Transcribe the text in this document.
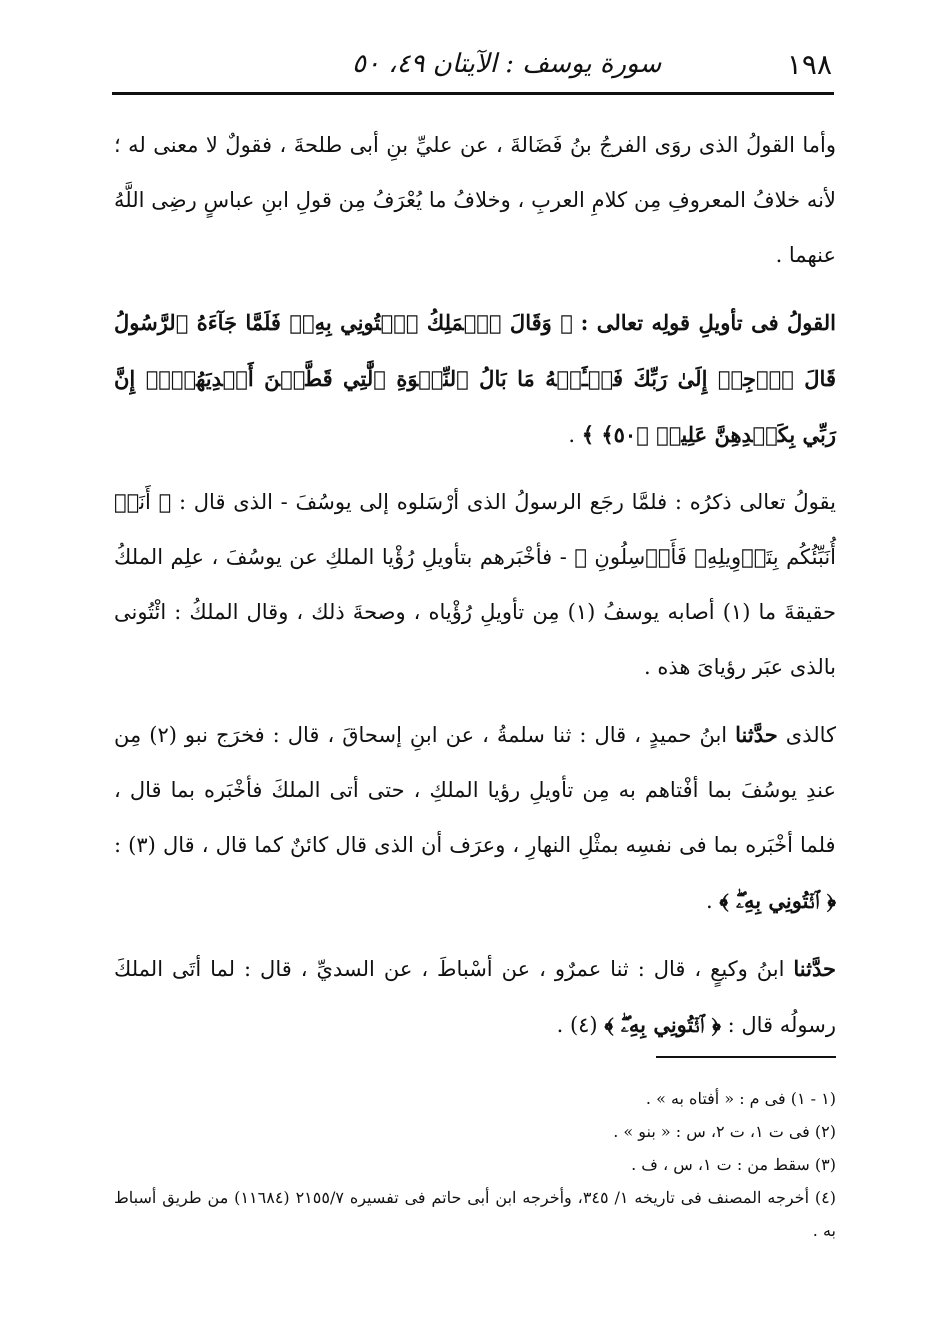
١٩٨
سورة يوسف : الآيتان ٤٩، ٥٠

وأما القولُ الذى روَى الفرجُ بنُ فَضَالةَ ، عن عليِّ بنِ أبى طلحةَ ، فقولٌ لا معنى له ؛ لأنه خلافُ المعروفِ مِن كلامِ العربِ ، وخلافُ ما يُعْرَفُ مِن قولِ ابنِ عباسٍ رضِى اللَّهُ عنهما .

القولُ فى تأويلِ قولِه تعالى : ﴿ وَقَالَ ٱلۡمَلِكُ ٱئۡتُونِي بِهِۦۖ فَلَمَّا جَآءَهُ ٱلرَّسُولُ قَالَ ٱرۡجِعۡ إِلَىٰ رَبِّكَ فَسۡـَٔلۡهُ مَا بَالُ ٱلنِّسۡوَةِ ٱلَّٰتِي قَطَّعۡنَ أَيۡدِيَهُنَّۚ إِنَّ رَبِّي بِكَيۡدِهِنَّ عَلِيمٞ ﴿٥٠﴾ ﴾ .

يقولُ تعالى ذكرُه : فلمَّا رجَع الرسولُ الذى أرْسَلوه إلى يوسُفَ - الذى قال : ﴿ أَنَا۠ أُنَبِّئُكُم بِتَأۡوِيلِهِۦ فَأَرۡسِلُونِ ﴾ - فأخْبَرهم بتأويلِ رُؤْيا الملكِ عن يوسُفَ ، علِم الملكُ حقيقةَ ما (١) أصابه يوسفُ (١) مِن تأويلِ رُؤْياه ، وصحةَ ذلك ، وقال الملكُ : ائْتُونى بالذى عبَر رؤيایَ هذه .

كالذى حدَّثنا ابنُ حميدٍ ، قال : ثنا سلمةُ ، عن ابنِ إسحاقَ ، قال : فخرَج نبو (٢) مِن عندِ يوسُفَ بما أفْتاهم به مِن تأويلِ رؤيا الملكِ ، حتى أتى الملكَ فأخْبَره بما قال ، فلما أخْبَره بما فى نفسِه بمثْلِ النهارِ ، وعرَف أن الذى قال كائنٌ كما قال ، قال (٣) : ﴿ ٱئۡتُونِي بِهِۦۖ ﴾ .

حدَّثنا ابنُ وكيعٍ ، قال : ثنا عمرٌو ، عن أسْباطَ ، عن السديِّ ، قال : لما أتَى الملكَ رسولُه قال : ﴿ ٱئۡتُونِي بِهِۦۖ ﴾ (٤) .

(١ - ١) فى م : « أفتاه به » .

(٢) فى ت ١، ت ٢، س : « بنو » .

(٣) سقط من : ت ١، س ، ف .

(٤) أخرجه المصنف فى تاريخه ١/ ٣٤٥، وأخرجه ابن أبى حاتم فى تفسيره ٢١٥٥/٧ (١١٦٨٤) من طريق أسباط به .
